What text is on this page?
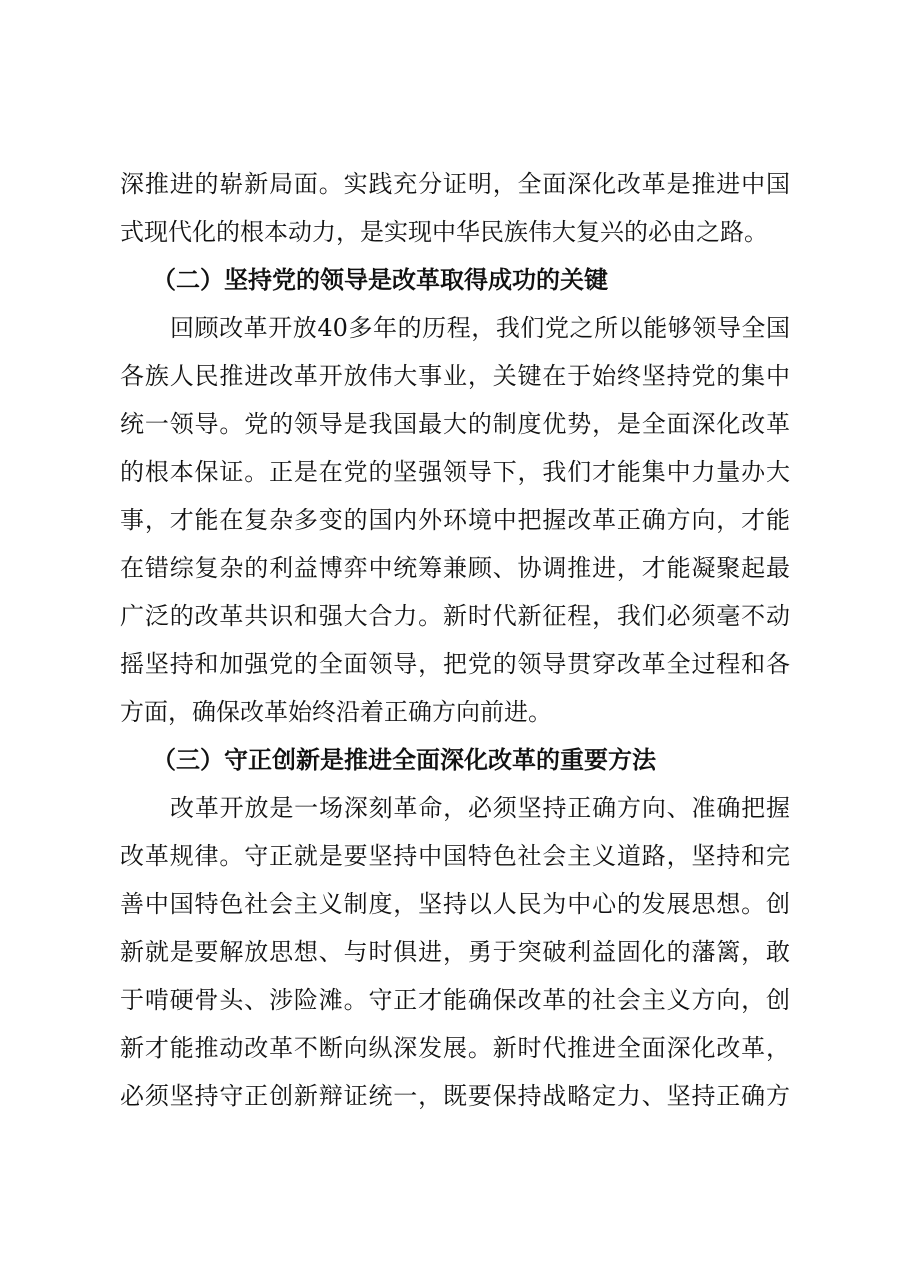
深推进的崭新局面。实践充分证明，全面深化改革是推进中国
式现代化的根本动力，是实现中华民族伟大复兴的必由之路。
（二）坚持党的领导是改革取得成功的关键
回顾改革开放40多年的历程，我们党之所以能够领导全国
各族人民推进改革开放伟大事业，关键在于始终坚持党的集中
统一领导。党的领导是我国最大的制度优势，是全面深化改革
的根本保证。正是在党的坚强领导下，我们才能集中力量办大
事，才能在复杂多变的国内外环境中把握改革正确方向，才能
在错综复杂的利益博弈中统筹兼顾、协调推进，才能凝聚起最
广泛的改革共识和强大合力。新时代新征程，我们必须毫不动
摇坚持和加强党的全面领导，把党的领导贯穿改革全过程和各
方面，确保改革始终沿着正确方向前进。
（三）守正创新是推进全面深化改革的重要方法
改革开放是一场深刻革命，必须坚持正确方向、准确把握
改革规律。守正就是要坚持中国特色社会主义道路，坚持和完
善中国特色社会主义制度，坚持以人民为中心的发展思想。创
新就是要解放思想、与时俱进，勇于突破利益固化的藩篱，敢
于啃硬骨头、涉险滩。守正才能确保改革的社会主义方向，创
新才能推动改革不断向纵深发展。新时代推进全面深化改革，
必须坚持守正创新辩证统一，既要保持战略定力、坚持正确方
